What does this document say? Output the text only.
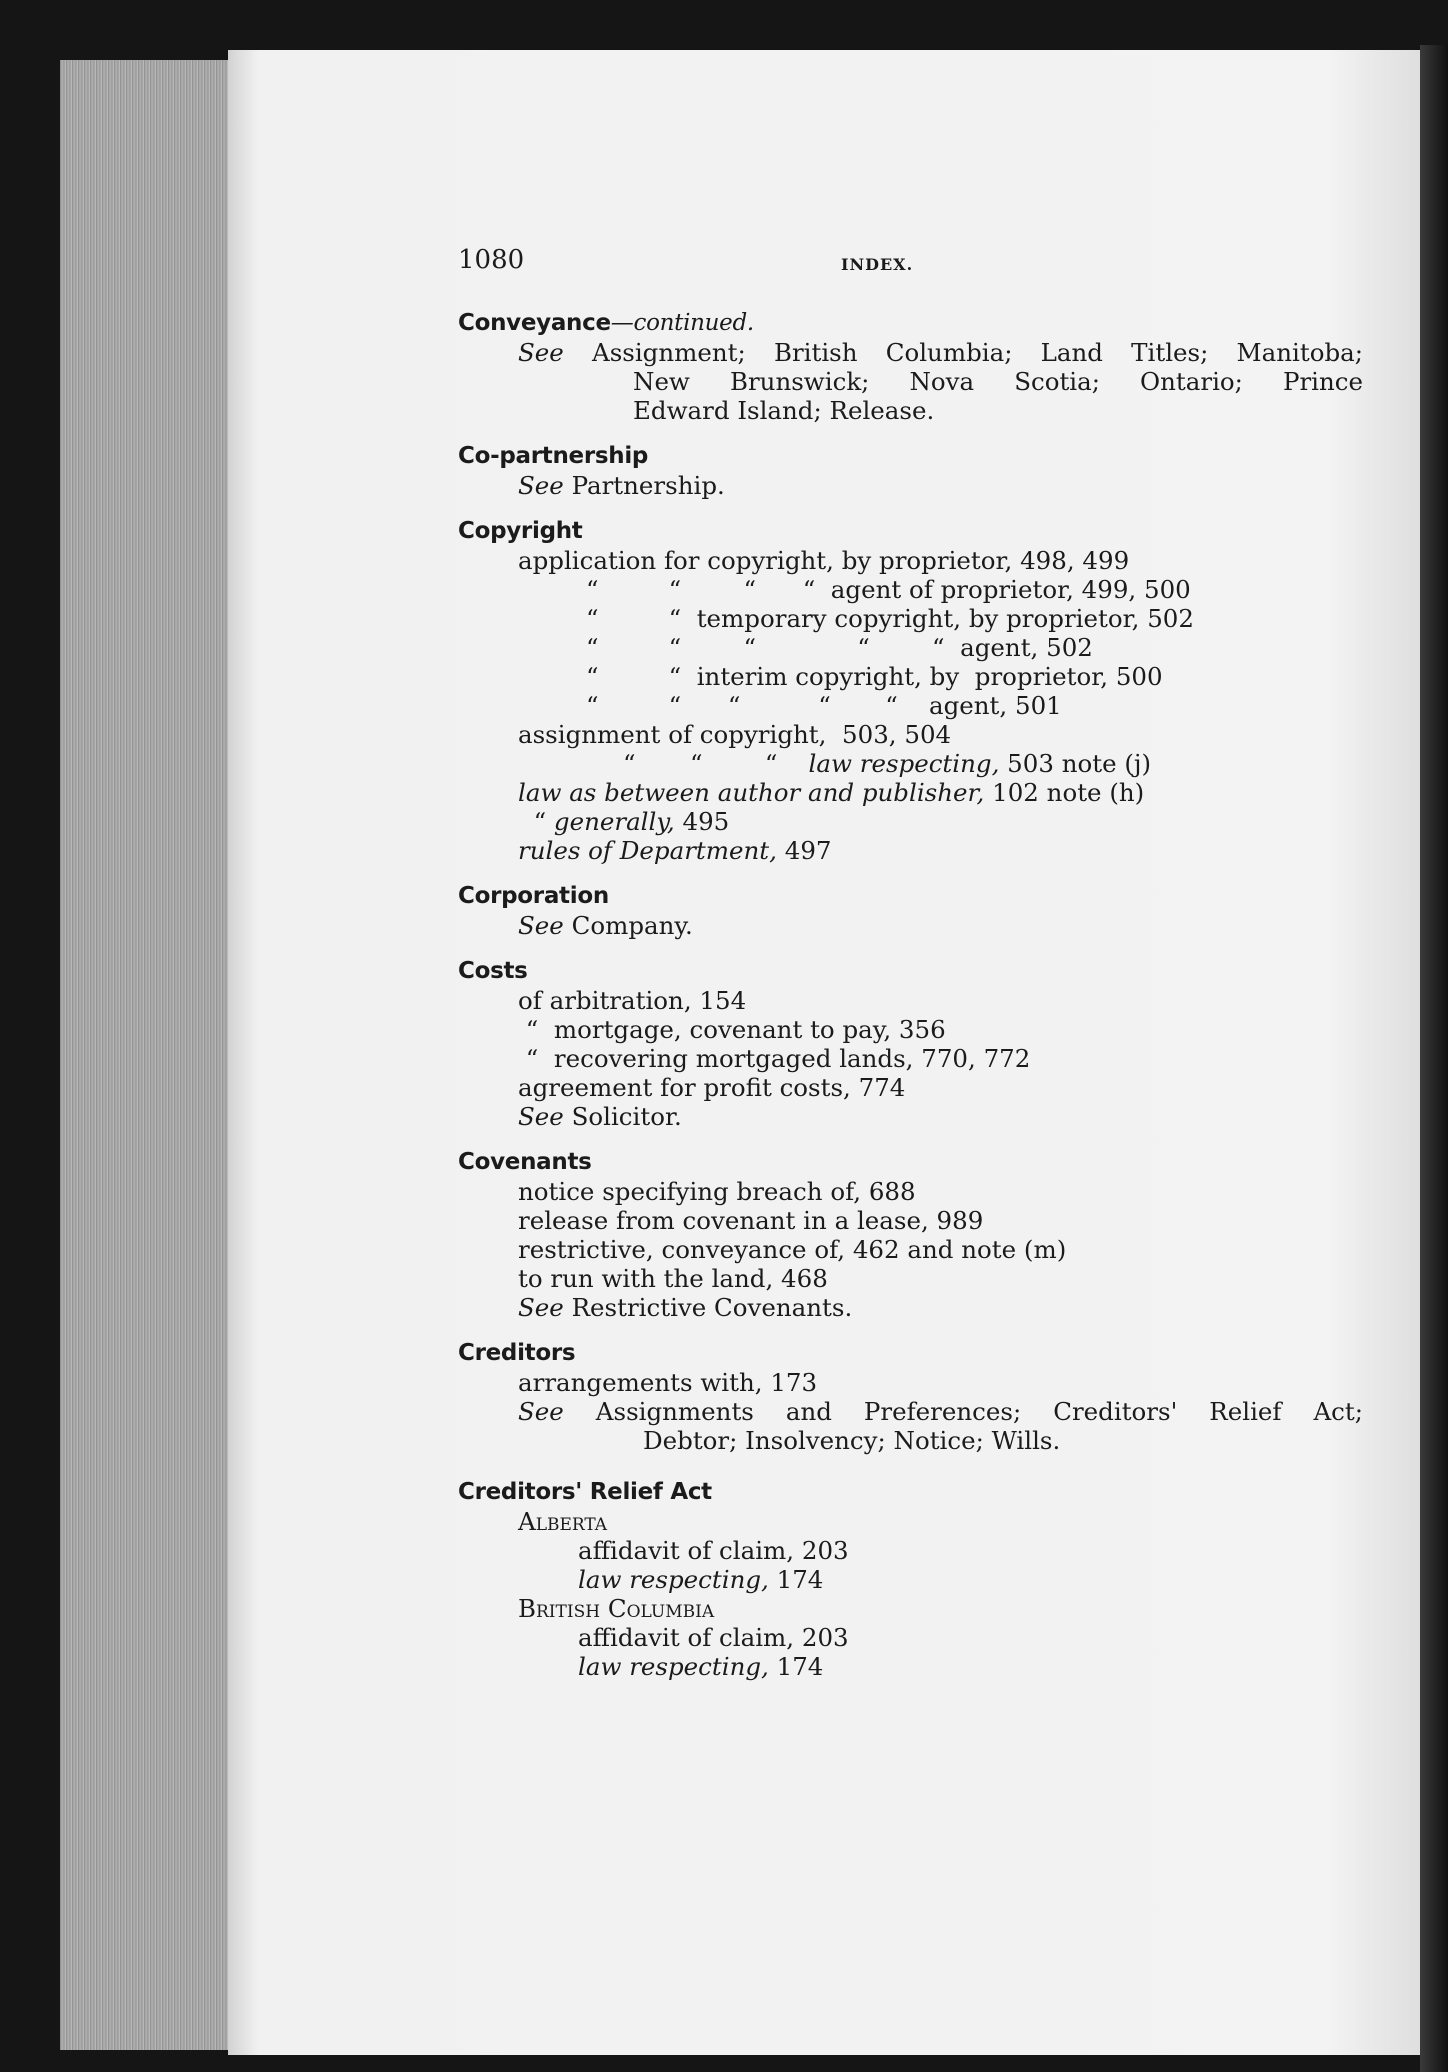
1080	INDEX.
Conveyance—continued.
See Assignment; British Columbia; Land Titles; Manitoba;
New Brunswick; Nova Scotia; Ontario; Prince
Edward Island; Release.
Co-partnership
See Partnership.
Copyright
application for copyright, by proprietor, 498, 499
“         “        “      “  agent of proprietor, 499, 500
“         “  temporary copyright, by proprietor, 502
“         “        “             “        “  agent, 502
“         “  interim copyright, by  proprietor, 500
“         “      “          “       “    agent, 501
assignment of copyright,  503, 504
“       “        “    law respecting, 503 note (j)
law as between author and publisher, 102 note (h)
“ generally, 495
rules of Department, 497
Corporation
See Company.
Costs
of arbitration, 154
“  mortgage, covenant to pay, 356
“  recovering mortgaged lands, 770, 772
agreement for profit costs, 774
See Solicitor.
Covenants
notice specifying breach of, 688
release from covenant in a lease, 989
restrictive, conveyance of, 462 and note (m)
to run with the land, 468
See Restrictive Covenants.
Creditors
arrangements with, 173
See Assignments and Preferences; Creditors' Relief Act;
Debtor; Insolvency; Notice; Wills.
Creditors' Relief Act
Alberta
affidavit of claim, 203
law respecting, 174
British Columbia
affidavit of claim, 203
law respecting, 174
